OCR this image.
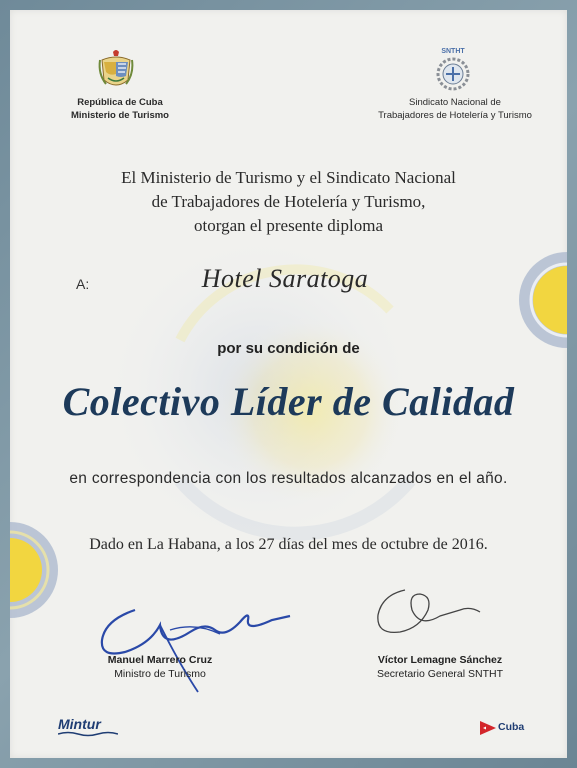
República de Cuba
Ministerio de Turismo
SNTHT
Sindicato Nacional de
Trabajadores de Hotelería y Turismo
El Ministerio de Turismo y el Sindicato Nacional
de Trabajadores de Hotelería y Turismo,
otorgan el presente diploma
A:	Hotel Saratoga
por su condición de
Colectivo Líder de Calidad
en correspondencia con los resultados alcanzados en el año.
Dado en La Habana, a los 27 días del mes de octubre de 2016.
Manuel Marrero Cruz
Ministro de Turismo
Víctor Lemagne Sánchez
Secretario General SNTHT
Mintur	Cuba
